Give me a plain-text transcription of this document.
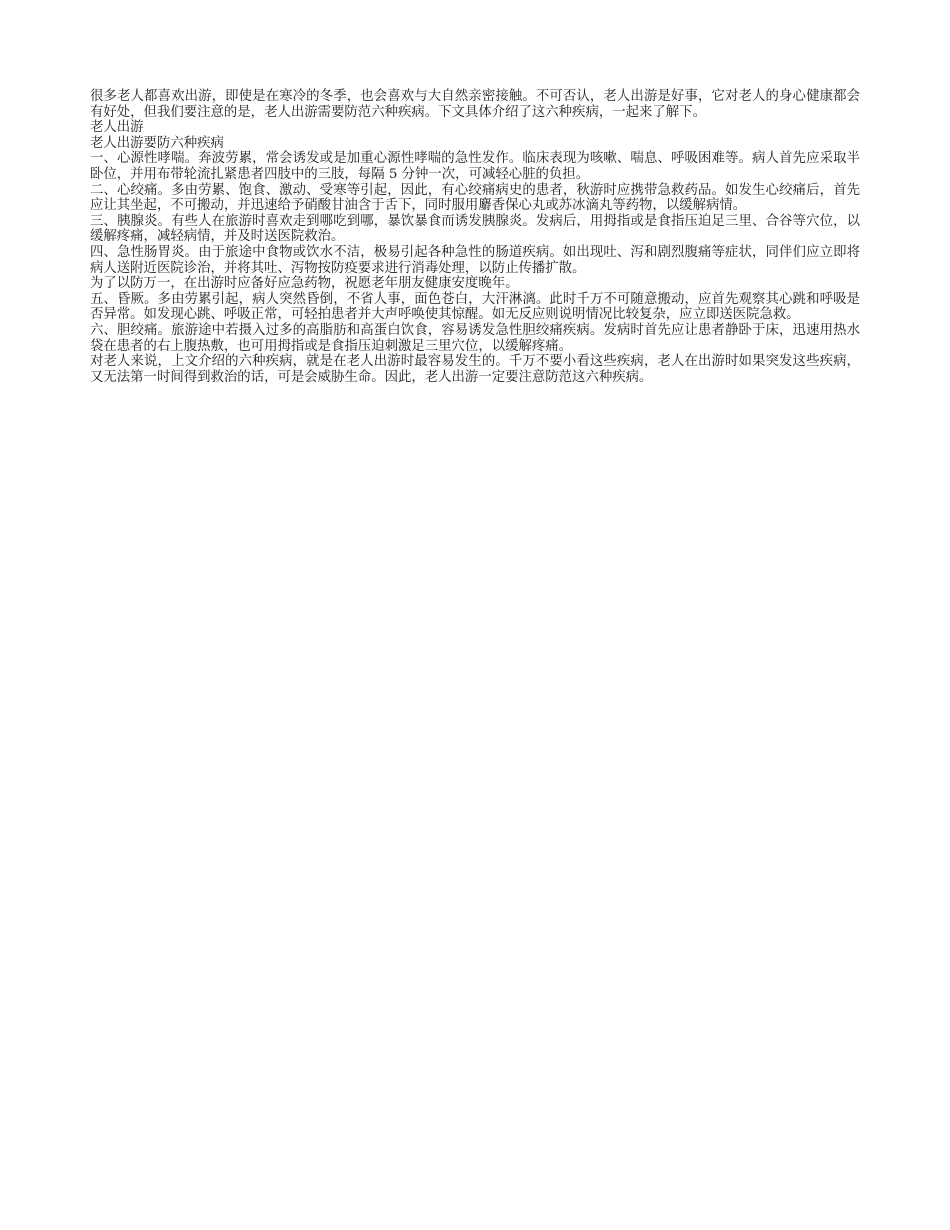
很多老人都喜欢出游，即使是在寒冷的冬季，也会喜欢与大自然亲密接触。不可否认，老人出游是好事，它对老人的身心健康都会有好处，但我们要注意的是，老人出游需要防范六种疾病。下文具体介绍了这六种疾病，一起来了解下。

老人出游

老人出游要防六种疾病

一、心源性哮喘。奔波劳累，常会诱发或是加重心源性哮喘的急性发作。临床表现为咳嗽、喘息、呼吸困难等。病人首先应采取半卧位，并用布带轮流扎紧患者四肢中的三肢，每隔 5 分钟一次，可减轻心脏的负担。

二、心绞痛。多由劳累、饱食、激动、受寒等引起，因此，有心绞痛病史的患者，秋游时应携带急救药品。如发生心绞痛后，首先应让其坐起，不可搬动，并迅速给予硝酸甘油含于舌下，同时服用麝香保心丸或苏冰滴丸等药物，以缓解病情。

三、胰腺炎。有些人在旅游时喜欢走到哪吃到哪，暴饮暴食而诱发胰腺炎。发病后，用拇指或是食指压迫足三里、合谷等穴位，以缓解疼痛，减轻病情，并及时送医院救治。

四、急性肠胃炎。由于旅途中食物或饮水不洁，极易引起各种急性的肠道疾病。如出现吐、泻和剧烈腹痛等症状，同伴们应立即将病人送附近医院诊治，并将其吐、泻物按防疫要求进行消毒处理，以防止传播扩散。

为了以防万一，在出游时应备好应急药物，祝愿老年朋友健康安度晚年。

五、昏厥。多由劳累引起，病人突然昏倒，不省人事，面色苍白，大汗淋漓。此时千万不可随意搬动，应首先观察其心跳和呼吸是否异常。如发现心跳、呼吸正常，可轻拍患者并大声呼唤使其惊醒。如无反应则说明情况比较复杂，应立即送医院急救。

六、胆绞痛。旅游途中若摄入过多的高脂肪和高蛋白饮食，容易诱发急性胆绞痛疾病。发病时首先应让患者静卧于床，迅速用热水袋在患者的右上腹热敷，也可用拇指或是食指压迫刺激足三里穴位，以缓解疼痛。

对老人来说，上文介绍的六种疾病，就是在老人出游时最容易发生的。千万不要小看这些疾病，老人在出游时如果突发这些疾病，又无法第一时间得到救治的话，可是会威胁生命。因此，老人出游一定要注意防范这六种疾病。
